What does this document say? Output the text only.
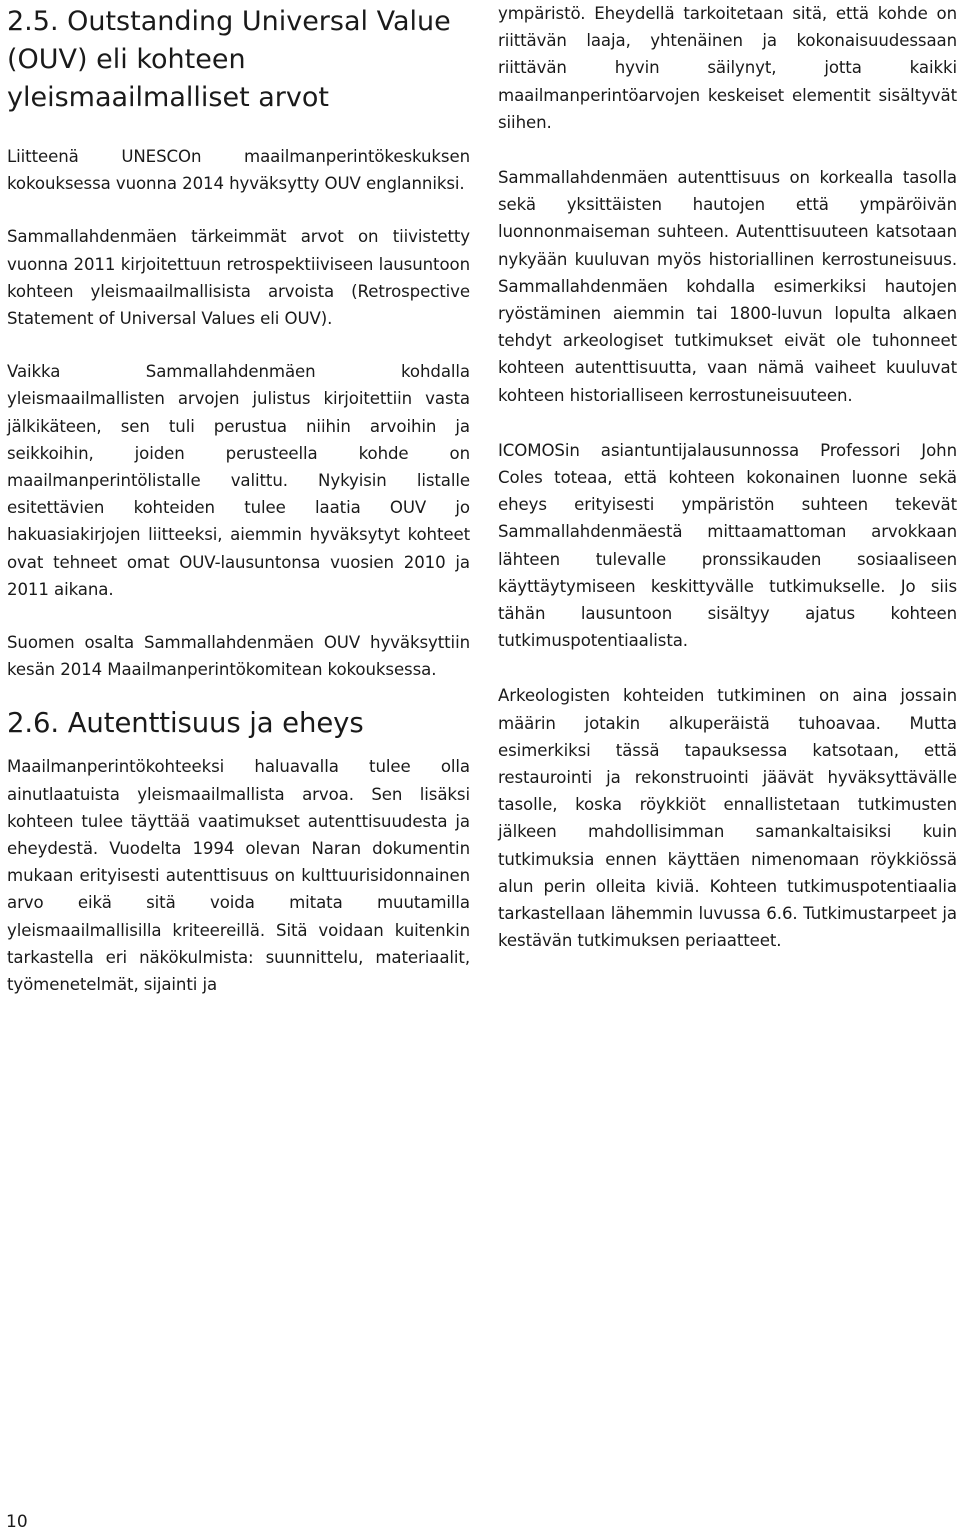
2.5. Outstanding Universal Value (OUV) eli kohteen yleismaailmalliset arvot

Liitteenä UNESCOn maailmanperintökeskuksen kokouksessa vuonna 2014 hyväksytty OUV englanniksi.

Sammallahdenmäen tärkeimmät arvot on tiivistetty vuonna 2011 kirjoitettuun retrospektiiviseen lausuntoon kohteen yleismaailmallisista arvoista (Retrospective Statement of Universal Values eli OUV).

Vaikka Sammallahdenmäen kohdalla yleismaailmallisten arvojen julistus kirjoitettiin vasta jälkikäteen, sen tuli perustua niihin arvoihin ja seikkoihin, joiden perusteella kohde on maailmanperintölistalle valittu. Nykyisin listalle esitettävien kohteiden tulee laatia OUV jo hakuasiakirjojen liitteeksi, aiemmin hyväksytyt kohteet ovat tehneet omat OUV-lausuntonsa vuosien 2010 ja 2011 aikana.

Suomen osalta Sammallahdenmäen OUV hyväksyttiin kesän 2014 Maailmanperintökomitean kokouksessa.

2.6. Autenttisuus ja eheys

Maailmanperintökohteeksi haluavalla tulee olla ainutlaatuista yleismaailmallista arvoa. Sen lisäksi kohteen tulee täyttää vaatimukset autenttisuudesta ja eheydestä. Vuodelta 1994 olevan Naran dokumentin mukaan erityisesti autenttisuus on kulttuurisidonnainen arvo eikä sitä voida mitata muutamilla yleismaailmallisilla kriteereillä. Sitä voidaan kuitenkin tarkastella eri näkökulmista: suunnittelu, materiaalit, työmenetelmät, sijainti ja

ympäristö. Eheydellä tarkoitetaan sitä, että kohde on riittävän laaja, yhtenäinen ja kokonaisuudessaan riittävän hyvin säilynyt, jotta kaikki maailmanperintöarvojen keskeiset elementit sisältyvät siihen.

Sammallahdenmäen autenttisuus on korkealla tasolla sekä yksittäisten hautojen että ympäröivän luonnonmaiseman suhteen. Autenttisuuteen katsotaan nykyään kuuluvan myös historiallinen kerrostuneisuus. Sammallahdenmäen kohdalla esimerkiksi hautojen ryöstäminen aiemmin tai 1800-luvun lopulta alkaen tehdyt arkeologiset tutkimukset eivät ole tuhonneet kohteen autenttisuutta, vaan nämä vaiheet kuuluvat kohteen historialliseen kerrostuneisuuteen.

ICOMOSin asiantuntijalausunnossa Professori John Coles toteaa, että kohteen kokonainen luonne sekä eheys erityisesti ympäristön suhteen tekevät Sammallahdenmäestä mittaamattoman arvokkaan lähteen tulevalle pronssikauden sosiaaliseen käyttäytymiseen keskittyvälle tutkimukselle. Jo siis tähän lausuntoon sisältyy ajatus kohteen tutkimuspotentiaalista.

Arkeologisten kohteiden tutkiminen on aina jossain määrin jotakin alkuperäistä tuhoavaa. Mutta esimerkiksi tässä tapauksessa katsotaan, että restaurointi ja rekonstruointi jäävät hyväksyttävälle tasolle, koska röykkiöt ennallistetaan tutkimusten jälkeen mahdollisimman samankaltaisiksi kuin tutkimuksia ennen käyttäen nimenomaan röykkiössä alun perin olleita kiviä. Kohteen tutkimuspotentiaalia tarkastellaan lähemmin luvussa 6.6. Tutkimustarpeet ja kestävän tutkimuksen periaatteet.

10
